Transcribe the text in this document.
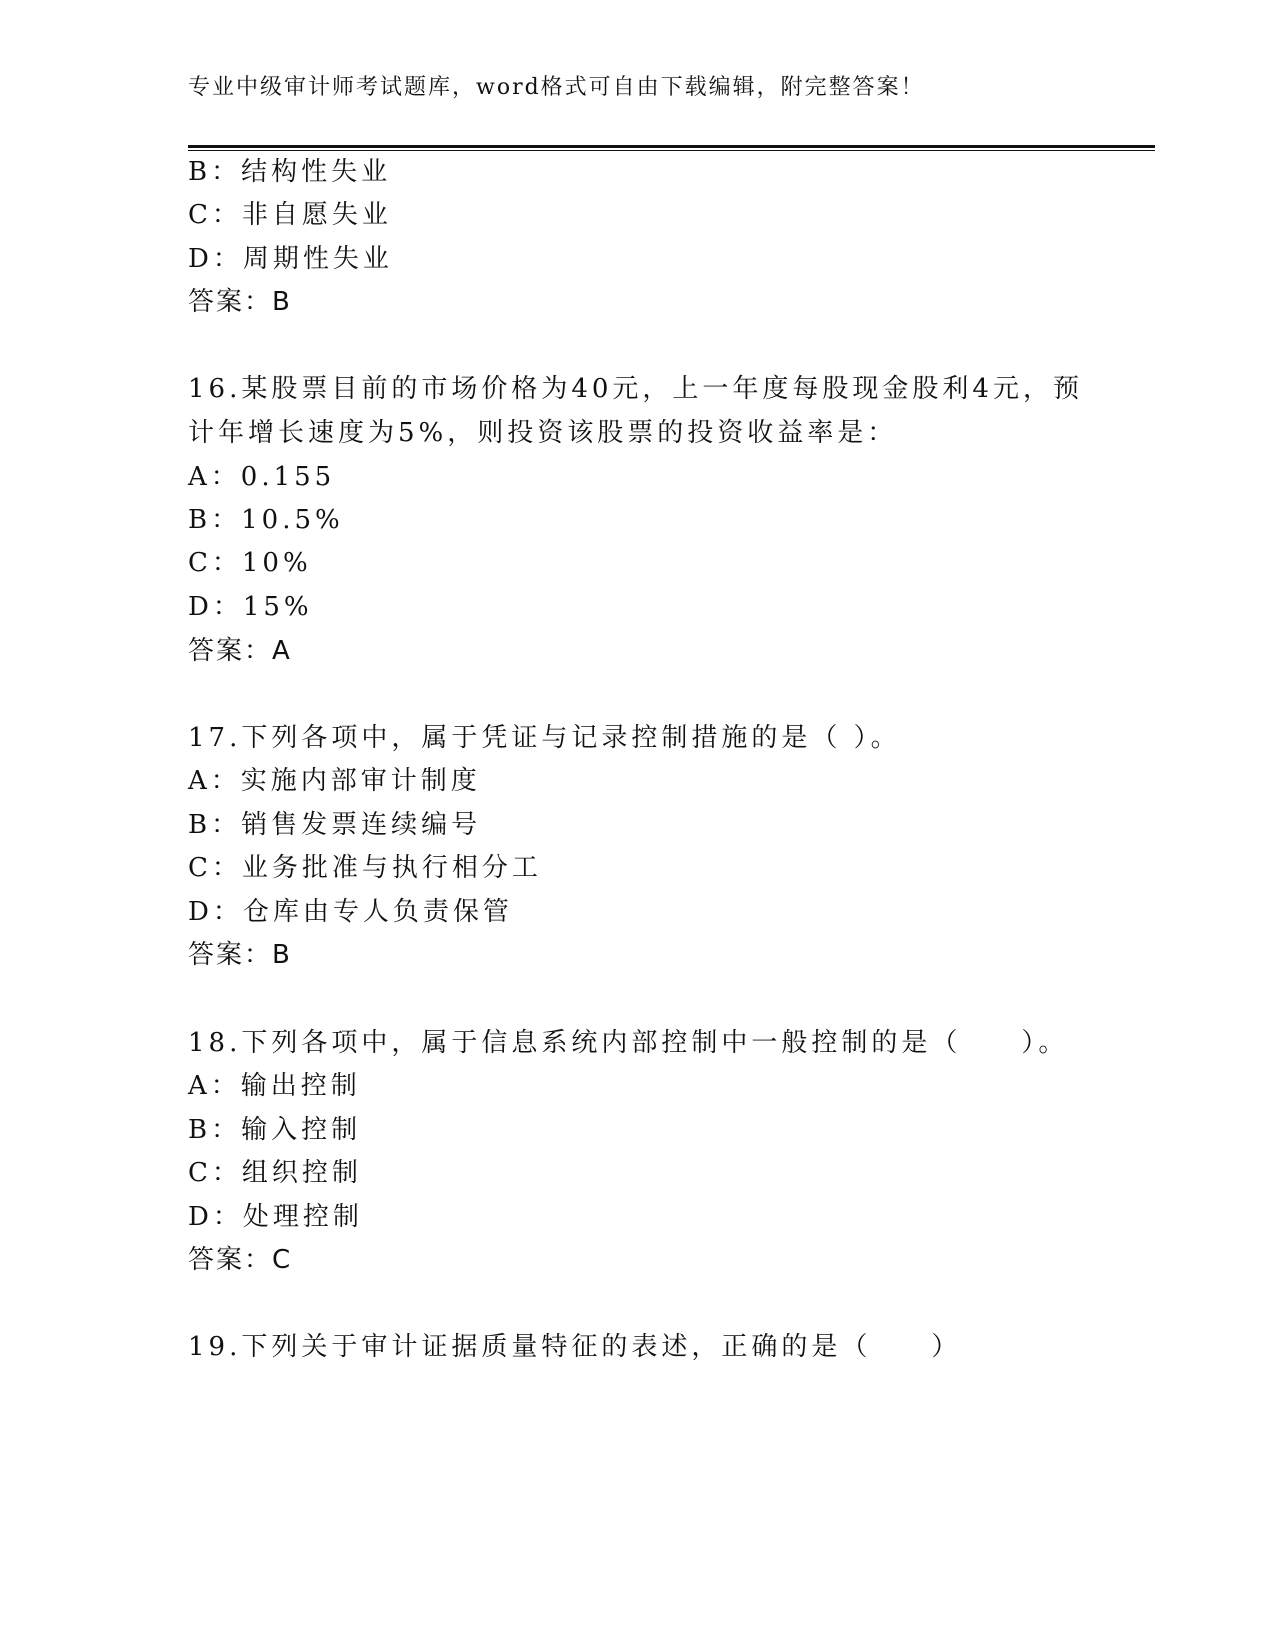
专业中级审计师考试题库，word格式可自由下载编辑，附完整答案！
B：结构性失业
C：非自愿失业
D：周期性失业
答案：B
16.某股票目前的市场价格为40元，上一年度每股现金股利4元，预
计年增长速度为5%，则投资该股票的投资收益率是：
A：0.155
B：10.5%
C：10%
D：15%
答案：A
17.下列各项中，属于凭证与记录控制措施的是（ ）。
A：实施内部审计制度
B：销售发票连续编号
C：业务批准与执行相分工
D：仓库由专人负责保管
答案：B
18.下列各项中，属于信息系统内部控制中一般控制的是（　　）。
A：输出控制
B：输入控制
C：组织控制
D：处理控制
答案：C
19.下列关于审计证据质量特征的表述，正确的是（　　）
